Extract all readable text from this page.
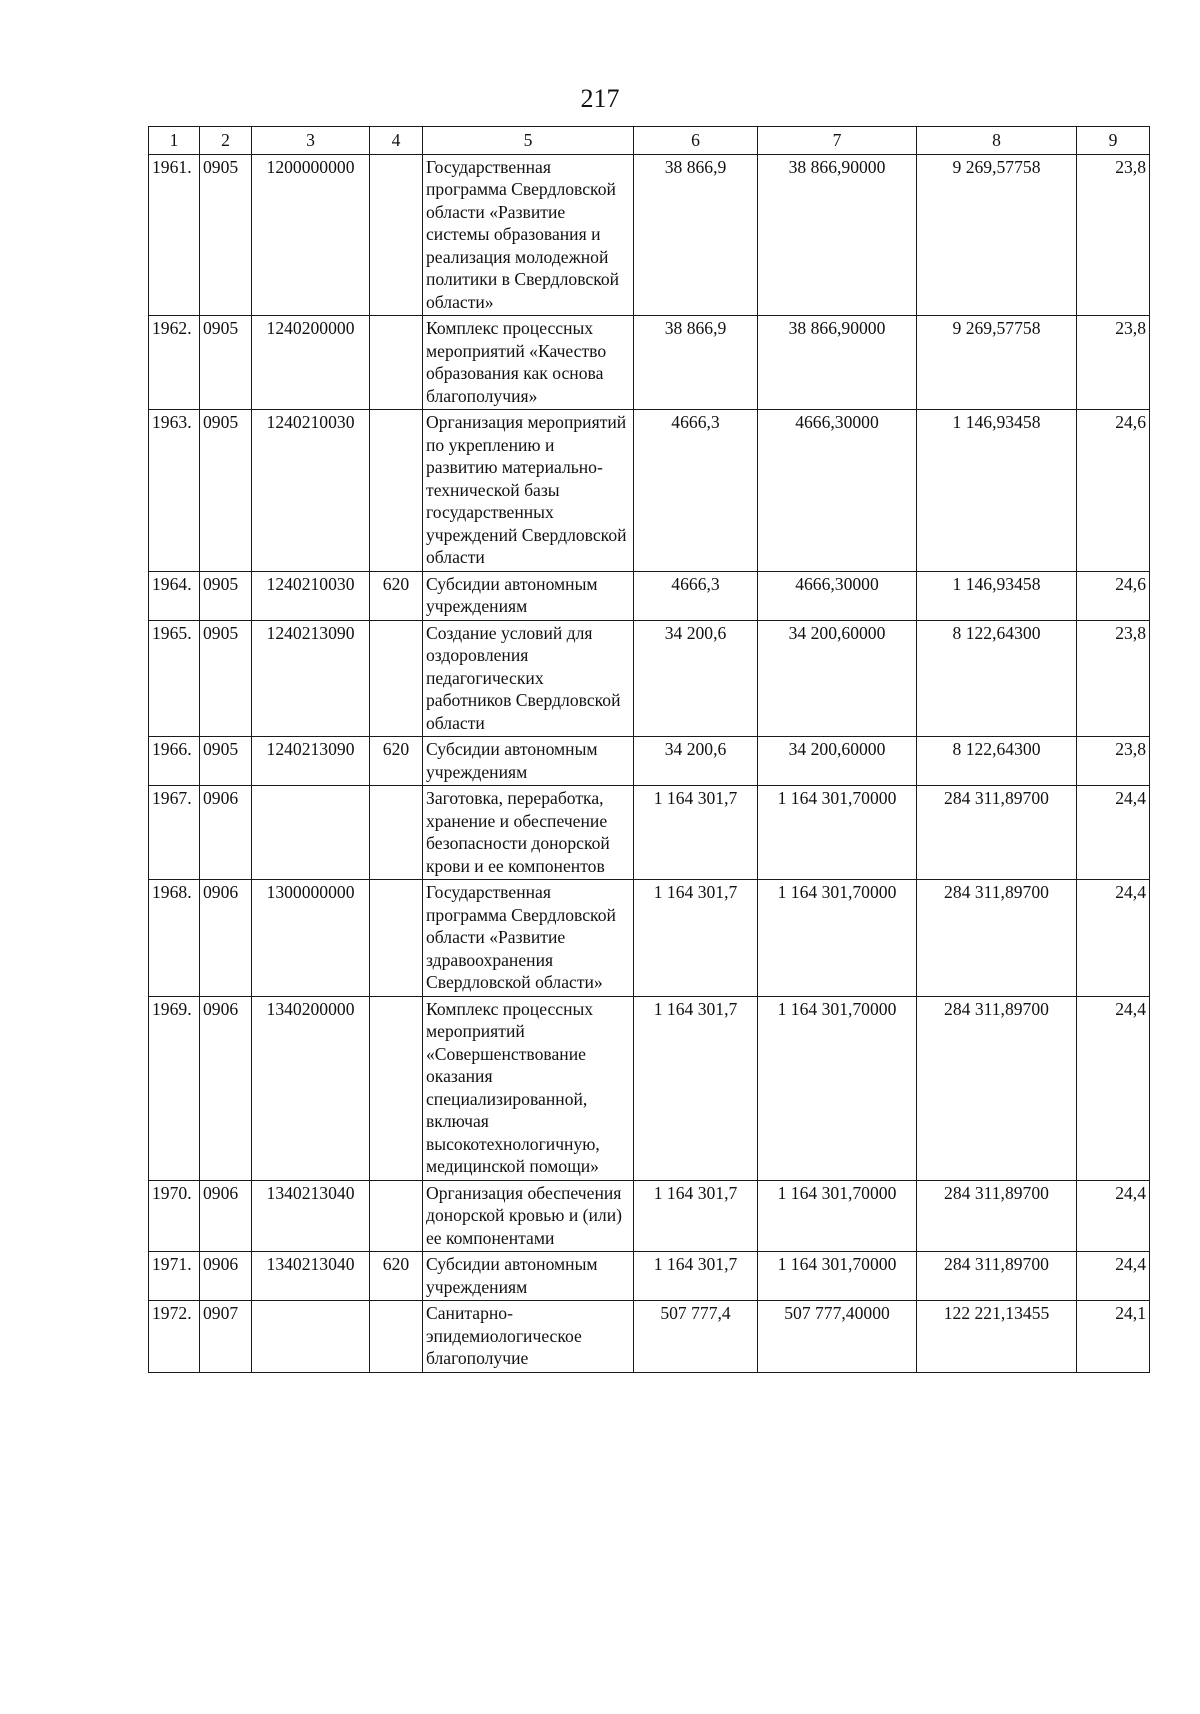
217
1	2	3	4	5	6	7	8	9
1961.	0905	1200000000		Государственная программа Свердловской области «Развитие системы образования и реализация молодежной политики в Свердловской области»	38 866,9	38 866,90000	9 269,57758	23,8
1962.	0905	1240200000		Комплекс процессных мероприятий «Качество образования как основа благополучия»	38 866,9	38 866,90000	9 269,57758	23,8
1963.	0905	1240210030		Организация мероприятий по укреплению и развитию материально-технической базы государственных учреждений Свердловской области	4666,3	4666,30000	1 146,93458	24,6
1964.	0905	1240210030	620	Субсидии автономным учреждениям	4666,3	4666,30000	1 146,93458	24,6
1965.	0905	1240213090		Создание условий для оздоровления педагогических работников Свердловской области	34 200,6	34 200,60000	8 122,64300	23,8
1966.	0905	1240213090	620	Субсидии автономным учреждениям	34 200,6	34 200,60000	8 122,64300	23,8
1967.	0906			Заготовка, переработка, хранение и обеспечение безопасности донорской крови и ее компонентов	1 164 301,7	1 164 301,70000	284 311,89700	24,4
1968.	0906	1300000000		Государственная программа Свердловской области «Развитие здравоохранения Свердловской области»	1 164 301,7	1 164 301,70000	284 311,89700	24,4
1969.	0906	1340200000		Комплекс процессных мероприятий «Совершенствование оказания специализированной, включая высокотехнологичную, медицинской помощи»	1 164 301,7	1 164 301,70000	284 311,89700	24,4
1970.	0906	1340213040		Организация обеспечения донорской кровью и (или) ее компонентами	1 164 301,7	1 164 301,70000	284 311,89700	24,4
1971.	0906	1340213040	620	Субсидии автономным учреждениям	1 164 301,7	1 164 301,70000	284 311,89700	24,4
1972.	0907			Санитарно-эпидемиологическое благополучие	507 777,4	507 777,40000	122 221,13455	24,1
